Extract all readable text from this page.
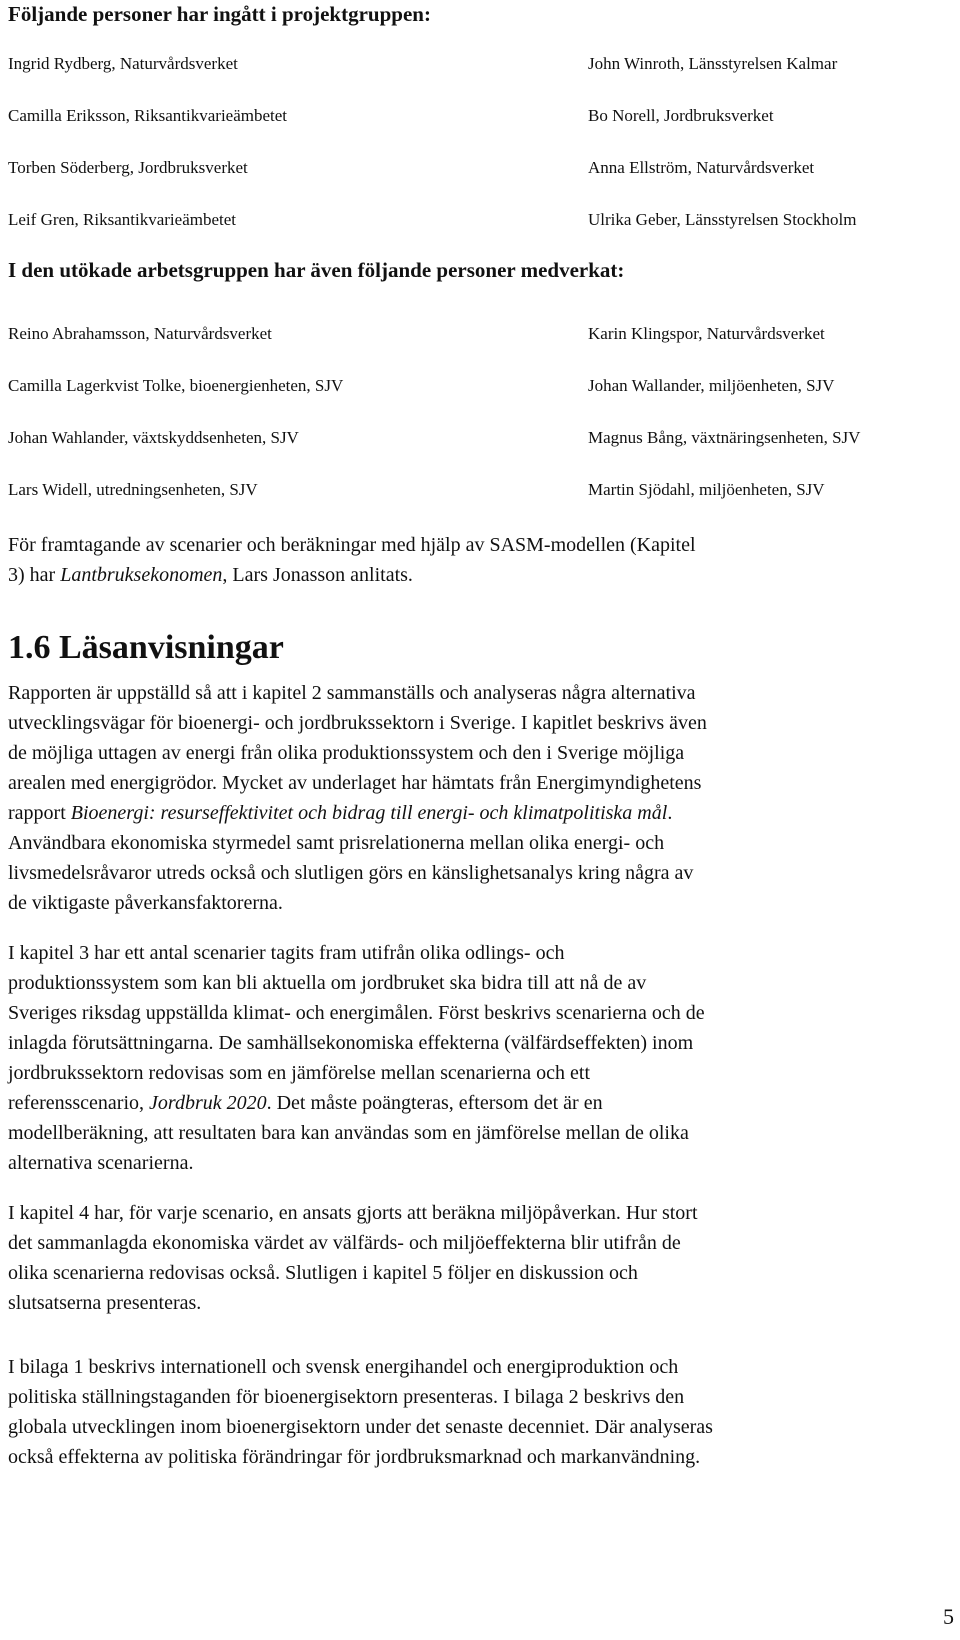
Följande personer har ingått i projektgruppen:
Ingrid Rydberg, Naturvårdsverket	John Winroth, Länsstyrelsen Kalmar
Camilla Eriksson, Riksantikvarieämbetet	Bo Norell, Jordbruksverket
Torben Söderberg, Jordbruksverket	Anna Ellström, Naturvårdsverket
Leif Gren, Riksantikvarieämbetet	Ulrika Geber, Länsstyrelsen Stockholm
I den utökade arbetsgruppen har även följande personer medverkat:
Reino Abrahamsson, Naturvårdsverket	Karin Klingspor, Naturvårdsverket
Camilla Lagerkvist Tolke, bioenergienheten, SJV	Johan Wallander, miljöenheten, SJV
Johan Wahlander, växtskyddsenheten, SJV	Magnus Bång, växtnäringsenheten, SJV
Lars Widell, utredningsenheten, SJV	Martin Sjödahl, miljöenheten, SJV
För framtagande av scenarier och beräkningar med hjälp av SASM-modellen (Kapitel
3) har Lantbruksekonomen, Lars Jonasson anlitats.
1.6 Läsanvisningar
Rapporten är uppställd så att i kapitel 2 sammanställs och analyseras några alternativa
utvecklingsvägar för bioenergi- och jordbrukssektorn i Sverige. I kapitlet beskrivs även
de möjliga uttagen av energi från olika produktionssystem och den i Sverige möjliga
arealen med energigrödor. Mycket av underlaget har hämtats från Energimyndighetens
rapport Bioenergi: resurseffektivitet och bidrag till energi- och klimatpolitiska mål.
Användbara ekonomiska styrmedel samt prisrelationerna mellan olika energi- och
livsmedelsråvaror utreds också och slutligen görs en känslighetsanalys kring några av
de viktigaste påverkansfaktorerna.
I kapitel 3 har ett antal scenarier tagits fram utifrån olika odlings- och
produktionssystem som kan bli aktuella om jordbruket ska bidra till att nå de av
Sveriges riksdag uppställda klimat- och energimålen. Först beskrivs scenarierna och de
inlagda förutsättningarna. De samhällsekonomiska effekterna (välfärdseffekten) inom
jordbrukssektorn redovisas som en jämförelse mellan scenarierna och ett
referensscenario, Jordbruk 2020. Det måste poängteras, eftersom det är en
modellberäkning, att resultaten bara kan användas som en jämförelse mellan de olika
alternativa scenarierna.
I kapitel 4 har, för varje scenario, en ansats gjorts att beräkna miljöpåverkan. Hur stort
det sammanlagda ekonomiska värdet av välfärds- och miljöeffekterna blir utifrån de
olika scenarierna redovisas också. Slutligen i kapitel 5 följer en diskussion och
slutsatserna presenteras.
I bilaga 1 beskrivs internationell och svensk energihandel och energiproduktion och
politiska ställningstaganden för bioenergisektorn presenteras. I bilaga 2 beskrivs den
globala utvecklingen inom bioenergisektorn under det senaste decenniet. Där analyseras
också effekterna av politiska förändringar för jordbruksmarknad och markanvändning.
5
